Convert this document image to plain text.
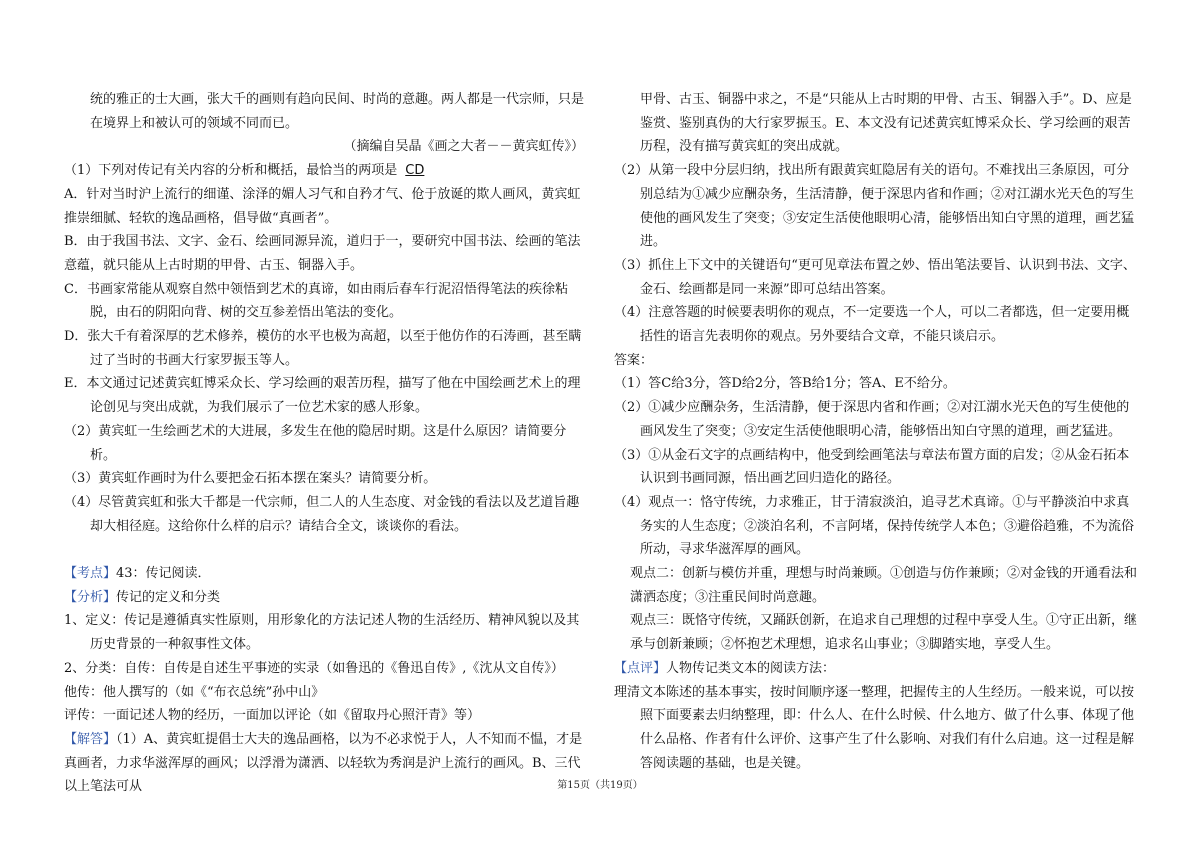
统的雅正的士大画，张大千的画则有趋向民间、时尚的意趣。两人都是一代宗师，只是在境界上和被认可的领域不同而已。

（摘编自吴晶《画之大者－－黄宾虹传》）

（1）下列对传记有关内容的分析和概括，最恰当的两项是 CD

A．针对当时沪上流行的细谨、涂泽的媚人习气和自矜才气、伧于放诞的欺人画风，黄宾虹推崇细腻、轻软的逸品画格，倡导做“真画者”。

B．由于我国书法、文字、金石、绘画同源异流，道归于一，要研究中国书法、绘画的笔法意蕴，就只能从上古时期的甲骨、古玉、铜器入手。

C．书画家常能从观察自然中领悟到艺术的真谛，如由雨后春车行泥沼悟得笔法的疾徐粘脱，由石的阴阳向背、树的交互参差悟出笔法的变化。

D．张大千有着深厚的艺术修养，模仿的水平也极为高超，以至于他仿作的石涛画，甚至瞒过了当时的书画大行家罗振玉等人。

E．本文通过记述黄宾虹博采众长、学习绘画的艰苦历程，描写了他在中国绘画艺术上的理论创见与突出成就，为我们展示了一位艺术家的感人形象。

（2）黄宾虹一生绘画艺术的大进展，多发生在他的隐居时期。这是什么原因？请简要分析。

（3）黄宾虹作画时为什么要把金石拓本摆在案头？请简要分析。

（4）尽管黄宾虹和张大千都是一代宗师，但二人的人生态度、对金钱的看法以及艺道旨趣却大相径庭。这给你什么样的启示？请结合全文，谈谈你的看法。

【考点】43：传记阅读．

【分析】传记的定义和分类

1、定义：传记是遵循真实性原则，用形象化的方法记述人物的生活经历、精神风貌以及其历史背景的一种叙事性文体。

2、分类：自传：自传是自述生平事迹的实录（如鲁迅的《鲁迅自传》,《沈从文自传》）

他传：他人撰写的（如《“布衣总统”孙中山》

评传：一面记述人物的经历，一面加以评论（如《留取丹心照汗青》等）

【解答】（1）A、黄宾虹提倡士大夫的逸品画格，以为不必求悦于人，人不知而不愠，才是真画者，力求华滋浑厚的画风；以浮滑为潇洒、以轻软为秀润是沪上流行的画风。B、三代以上笔法可从

甲骨、古玉、铜器中求之，不是“只能从上古时期的甲骨、古玉、铜器入手”。D、应是鉴赏、鉴别真伪的大行家罗振玉。E、本文没有记述黄宾虹博采众长、学习绘画的艰苦历程，没有描写黄宾虹的突出成就。

（2）从第一段中分层归纳，找出所有跟黄宾虹隐居有关的语句。不难找出三条原因，可分别总结为①减少应酬杂务，生活清静，便于深思内省和作画；②对江湖水光天色的写生使他的画风发生了突变；③安定生活使他眼明心清，能够悟出知白守黑的道理，画艺猛进。

（3）抓住上下文中的关键语句“更可见章法布置之妙、悟出笔法要旨、认识到书法、文字、金石、绘画都是同一来源”即可总结出答案。

（4）注意答题的时候要表明你的观点，不一定要选一个人，可以二者都选，但一定要用概括性的语言先表明你的观点。另外要结合文章，不能只谈启示。

答案：

（1）答C给3分，答D给2分，答B给1分；答A、E不给分。

（2）①减少应酬杂务，生活清静，便于深思内省和作画；②对江湖水光天色的写生使他的画风发生了突变；③安定生活使他眼明心清，能够悟出知白守黑的道理，画艺猛进。

（3）①从金石文字的点画结构中，他受到绘画笔法与章法布置方面的启发；②从金石拓本认识到书画同源，悟出画艺回归造化的路径。

（4）观点一：恪守传统，力求雅正，甘于清寂淡泊，追寻艺术真谛。①与平静淡泊中求真务实的人生态度；②淡泊名利，不言阿堵，保持传统学人本色；③避俗趋雅，不为流俗所动，寻求华滋浑厚的画风。

观点二：创新与模仿并重，理想与时尚兼顾。①创造与仿作兼顾；②对金钱的开通看法和潇洒态度；③注重民间时尚意趣。

观点三：既恪守传统，又踊跃创新，在追求自己理想的过程中享受人生。①守正出新，继承与创新兼顾；②怀抱艺术理想，追求名山事业；③脚踏实地，享受人生。

【点评】人物传记类文本的阅读方法：

理清文本陈述的基本事实，按时间顺序逐一整理，把握传主的人生经历。一般来说，可以按照下面要素去归纳整理，即：什么人、在什么时候、什么地方、做了什么事、体现了他什么品格、作者有什么评价、这事产生了什么影响、对我们有什么启迪。这一过程是解答阅读题的基础，也是关键。

第15页（共19页）
